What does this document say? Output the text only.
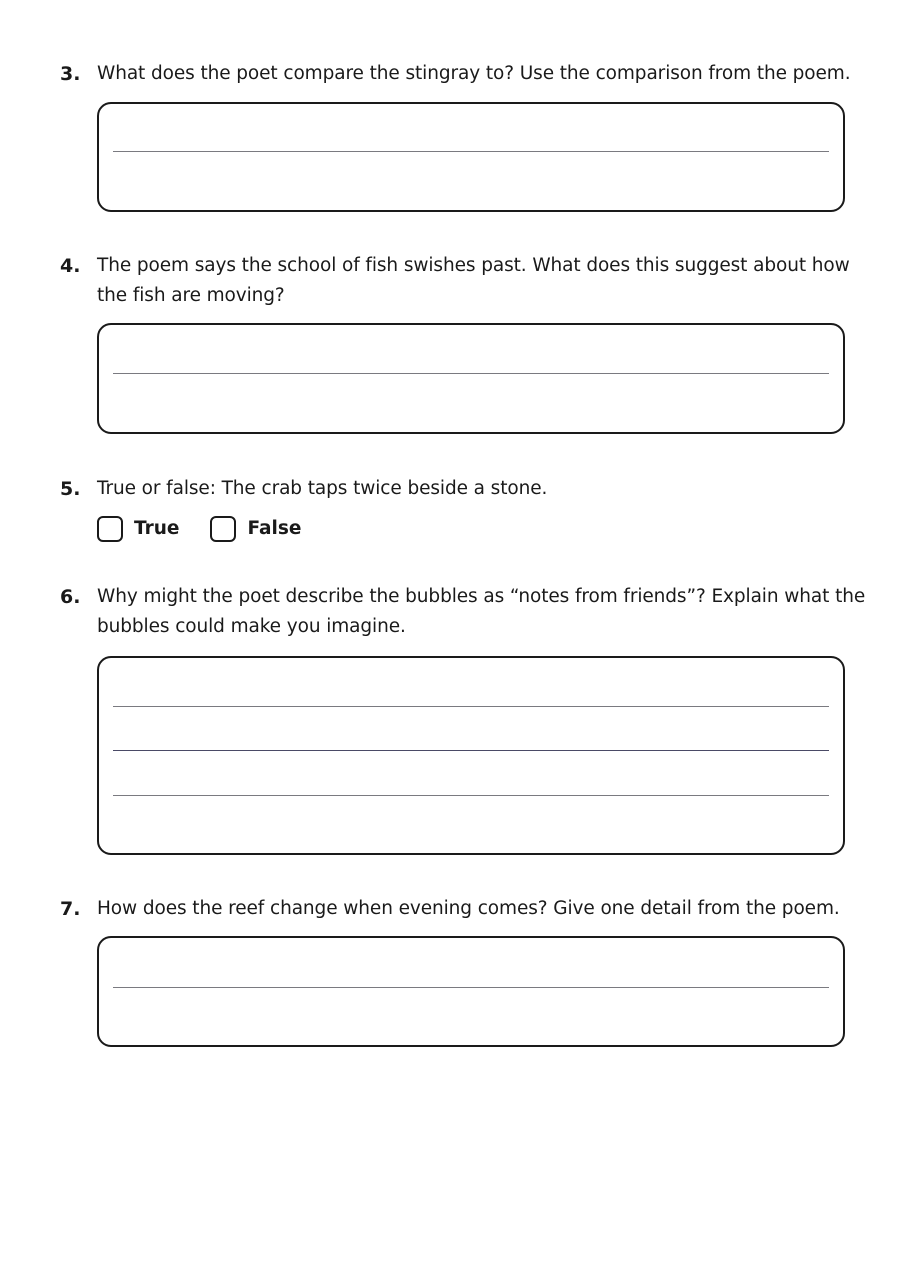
3. What does the poet compare the stingray to? Use the comparison from the poem.
4. The poem says the school of fish swishes past. What does this suggest about how the fish are moving?
5. True or false: The crab taps twice beside a stone.
True	False
6. Why might the poet describe the bubbles as “notes from friends”? Explain what the bubbles could make you imagine.
7. How does the reef change when evening comes? Give one detail from the poem.
